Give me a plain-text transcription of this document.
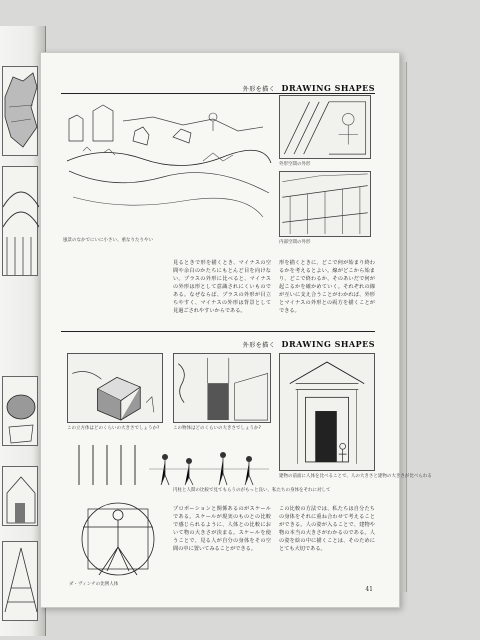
外形を描く DRAWING SHAPES
風景のなかでにいに小さい、重なりたりやい
外形空間の外形
内部空間の外形

見るときで形を描くとき、マイナスの空間や余白のかたちにもとんど目を向けない。プラスの外形に比べると、マイナスの外形は形として意識されにくいものである。なぜならば、プラスの外形が目立ちやすく、マイナスの外形は背景として見過ごされやすいからである。

形を描くときに、どこで何が始まり終わるかを考えるとよい。線がどこから始まり、どこで終わるか、そのあいだで何が起こるかを確かめていく。それぞれの線が互いに支え合うことがわかれば、外形とマイナスの外形との両方を描くことができる。

外形を描く DRAWING SHAPES
この立方体はどのくらいの大きさでしょうか?	この物体はどのくらいの大きさでしょうか?
円柱と人間の比較で見てもらうのがもっと良い、私たちの身体をそれに対して
建物の前面に人体を比べることで、人の大きさと建物の大きさが比べられる
ダ・ヴィンチの比例人体

プロポーションと関係あるのがスケールである。スケールが現実のものとの比較で感じられるように、人体との比較において物の大きさが決まる。スケールを使うことで、見る人が自分の身体をその空間の中に置いてみることができる。

この比較の方法では、私たちは自分たちの身体をそれに重ね合わせて考えることができる。人の姿が入ることで、建物や物の本当の大きさがわかるのである。人の姿を絵の中に描くことは、そのためにとても大切である。

41
